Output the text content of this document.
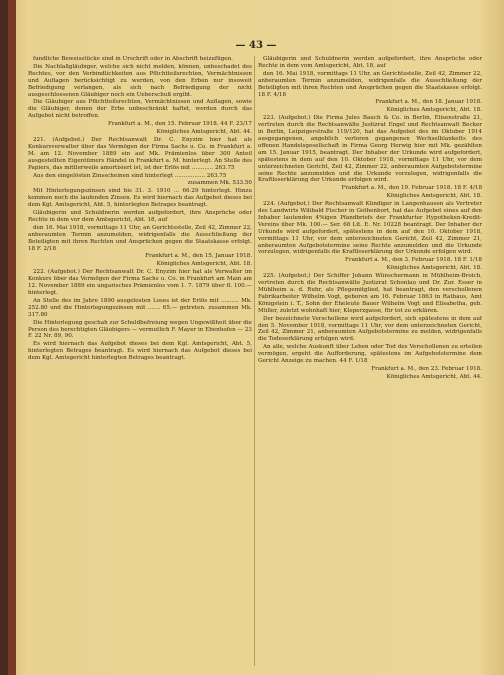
— 43 —

fundliche Beweisstücke sind in Urschrift oder in Abschrift beizufügen.

Die Nachlaßgläubiger, welche sich nicht melden, können, unbeschadet des Rechtes, vor den Verbindlichkeiten aus Pflichtteilsrechten, Vermächtnissen und Auflagen berücksichtigt zu werden, von den Erben nur insoweit Befriedigung verlangen, als sich nach Befriedigung der nicht ausgeschlossenen Gläubiger noch ein Ueberschuß ergibt.

Die Gläubiger aus Pflichtteilsrechten, Vermächtnissen und Auflagen, sowie die Gläubiger, denen der Erbe unbeschränkt haftet, werden durch das Aufgebot nicht betroffen.

Frankfurt a. M., den 15. Februar 1918. 44 F. 23/17

Königliches Amtsgericht, Abt. 44.

221. (Aufgebot.) Der Rechtsanwalt Dr. C. Enyzim hier hat als Konkursverwalter über das Vermögen der Firma Sachs u. Co. in Frankfurt a. M. am 12. November 1889 ein auf Mk. Prämienlos über 300 Anteil ausgestellten Eigentümers Händel in Frankfurt a. M. hinterlegt. An Stelle des Papiers, das mittlerweile amortisiert ist, ist der Erlös mit ............ 263.75

Aus den eingelösten Zinsscheinen sind hinterlegt ................. 263.75

zusammen Mk. 533.50

Mit Hinterlegungszinsen sind bis 31. 3. 1910 ... 66.29 hinterlegt. Hinzu kommen noch die laufenden Zinsen. Es wird hiernach das Aufgebot dieses bei dem Kgl. Amtsgericht, Abt. 5, hinterlegten Betrages beantragt.

Gläubigerin und Schuldnerin werden aufgefordert, ihre Ansprüche oder Rechte in dem vor dem Amtsgericht, Abt. 18, auf

den 16. Mai 1918, vormittags 11 Uhr, an Gerichtsstelle, Zeil 42, Zimmer 22, anberaumten Termin anzumelden, widrigenfalls die Ausschließung der Beteiligten mit ihren Rechten und Ansprüchen gegen die Staatskasse erfolgt. 18 F. 2/18

Frankfurt a. M., den 15. Januar 1918.

Königliches Amtsgericht, Abt. 18.

222. (Aufgebot.) Der Rechtsanwalt Dr. C. Enyzim hier hat als Verwalter im Konkurs über das Vermögen der Firma Sachs u. Co. in Frankfurt am Main am 12. November 1889 ein ungarisches Prämienlos vom 1. 7. 1879 über fl. 100.— hinterlegt.

An Stelle des im Jahre 1890 ausgelosten Loses ist der Erlös mit .......... Mk. 252.80 und die Hinterlegungszinsen mit ....... 65.— getreten. zusammen Mk. 317.80

Die Hinterlegung geschah zur Schuldbefreiung wegen Ungewißheit über die Person des berechtigten Gläubigers — vermutlich F. Mayer in Ebenhofen — 23 F. 22 Nr. 89, 90.

Es wird hiernach das Aufgebot dieses bei dem Kgl. Amtsgericht, Abt. 5, hinterlegten Betrages beantragt. Es wird hiernach das Aufgebot dieses bei dem Kgl. Amtsgericht hinterlegten Betrages beantragt.

Gläubigerin und Schuldnerin werden aufgefordert, ihre Ansprüche oder Rechte in dem vom Amtsgericht, Abt. 18, auf

den 16. Mai 1918, vormittags 11 Uhr, an Gerichtsstelle, Zeil 42, Zimmer 22, anberaumten Termin anzumelden, widrigenfalls die Ausschließung der Beteiligten mit ihren Rechten und Ansprüchen gegen die Staatskasse erfolgt. 18 F. 4/18

Frankfurt a. M., den 18. Januar 1918.

Königliches Amtsgericht, Abt. 18.

223. (Aufgebot.) Die Firma Jules Bauch & Co. in Berlin, Elisenstraße 21, vertreten durch die Rechtsanwälte Justizrat Engel und Rechtsanwalt Becker in Berlin, Leipzigerstraße 119/120, hat das Aufgebot des im Oktober 1914 ausgegangenen, angeblich verloren gegangenen Wechselblanketts des offenen Handelsgesellschaft in Firma Georg Herwig hier mit Mk. gezählten am 15. Januar 1915, beantragt. Der Inhaber der Urkunde wird aufgefordert, spätestens in dem auf den 10. Oktober 1918, vormittags 11 Uhr, vor dem unterzeichneten Gericht, Zeil 42, Zimmer 22, anberaumten Aufgebotstermine seine Rechte anzumelden und die Urkunde vorzulegen, widrigenfalls die Kraftloserklärung der Urkunde erfolgen wird.

Frankfurt a. M., den 19. Februar 1918. 18 F. 4/18

Königliches Amtsgericht, Abt. 18.

224. (Aufgebot.) Der Rechtsanwalt Kündiger in Langenhausen als Vertreter des Landwirts Wilibald Fischer in Gothenbort, hat das Aufgebot eines auf den Inhaber lautenden 4%igen Pfandbriefs der Frankfurter Hypotheken-Kredit-Vereins über Mk. 100.— Ser. 68 Lit. E. Nr. 10228 beantragt. Der Inhaber der Urkunde wird aufgefordert, spätestens in dem auf den 10. Oktober 1918, vormittags 11 Uhr, vor dem unterzeichneten Gericht, Zeil 42, Zimmer 21, anberaumten Aufgebotstermine seine Rechte anzumelden und die Urkunde vorzulegen, widrigenfalls die Kraftloserklärung der Urkunde erfolgen wird.

Frankfurt a. M., den 3. Februar 1918. 18 F. 1/18

Königliches Amtsgericht, Abt. 18.

225. (Aufgebot.) Der Schiffer Johann Wünschermann in Mühlheim-Broich, vertreten durch die Rechtsanwälte Justizrat Schonlau und Dr. Zur. Esser in Mühlheim a. d. Ruhr, als Pflegemitglied, hat beantragt, den verschollenen Fabrikarbeiter Wilhelm Vogt, geboren am 16. Februar 1863 in Rathaus, Amt Königstein i. T., Sohn der Eheleute Bauer Wilhelm Vogt und Elisabetha, geb. Müller, zuletzt wohnhaft hier, Kleperzgasse, für tot zu erklären.

Der bezeichnete Verschollene wird aufgefordert, sich spätestens in dem auf den 5. November 1918, vormittags 11 Uhr, vor dem unterzeichneten Gericht, Zeil 42, Zimmer 21, anberaumten Aufgebotstermine zu melden, widrigenfalls die Todeserklärung erfolgen wird.

An alle, welche Auskunft über Leben oder Tod des Verschollenen zu erteilen vermögen, ergeht die Aufforderung, spätestens im Aufgebotstermine dem Gericht Anzeige zu machen. 44 F. 1/18

Frankfurt a. M., den 23. Februar 1918.

Königliches Amtsgericht, Abt. 44.
